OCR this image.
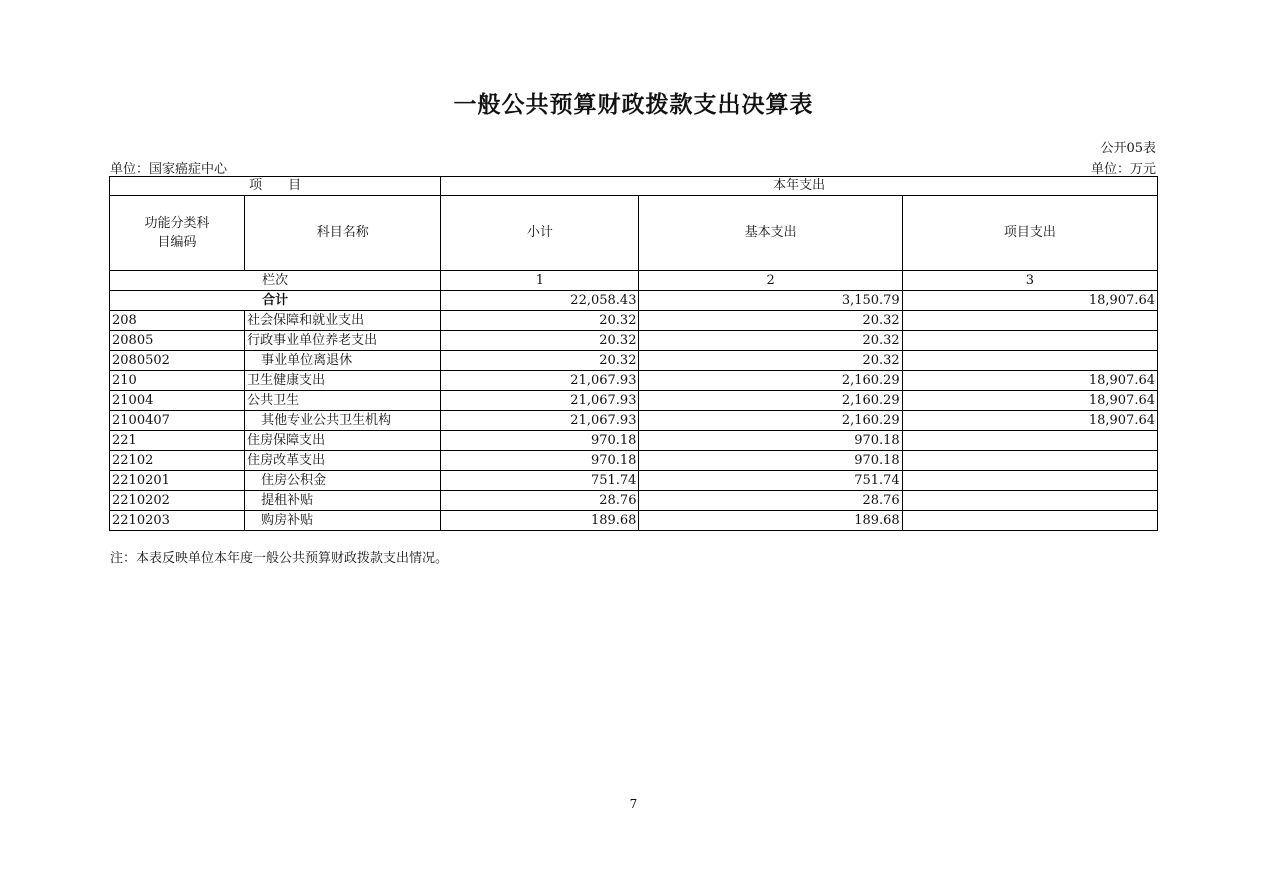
一般公共预算财政拨款支出决算表
公开05表
单位：国家癌症中心	单位：万元
项　　目		本年支出		

功能分类科目编码	科目名称	小计	基本支出	项目支出
栏次		1	2	3
合计		22,058.43	3,150.79	18,907.64
208	社会保障和就业支出	20.32	20.32	
20805	行政事业单位养老支出	20.32	20.32	
2080502	事业单位离退休	20.32	20.32	
210	卫生健康支出	21,067.93	2,160.29	18,907.64
21004	公共卫生	21,067.93	2,160.29	18,907.64
2100407	其他专业公共卫生机构	21,067.93	2,160.29	18,907.64
221	住房保障支出	970.18	970.18	
22102	住房改革支出	970.18	970.18	
2210201	住房公积金	751.74	751.74	
2210202	提租补贴	28.76	28.76	
2210203	购房补贴	189.68	189.68	
注：本表反映单位本年度一般公共预算财政拨款支出情况。
7
